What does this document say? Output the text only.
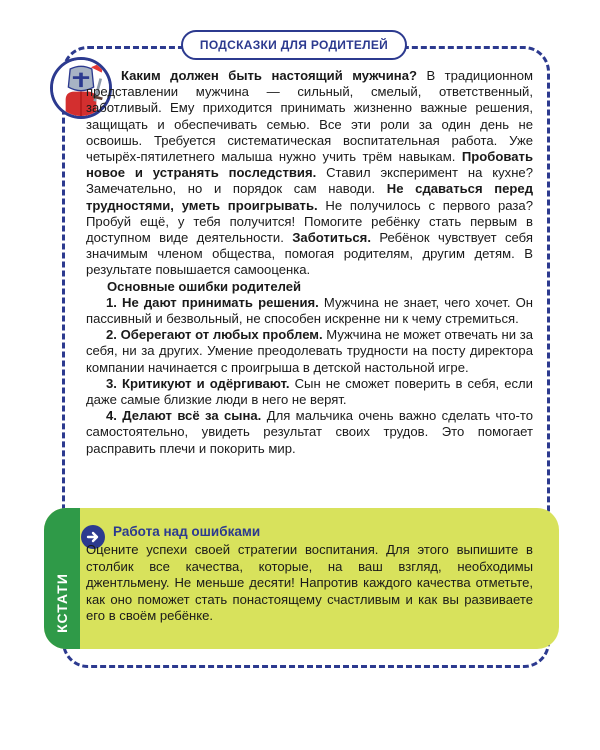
ПОДСКАЗКИ ДЛЯ РОДИТЕЛЕЙ

Каким должен быть настоящий мужчина? В традиционном представлении мужчина — сильный, смелый, ответственный, заботливый. Ему приходится принимать жизненно важные решения, защищать и обеспечивать семью. Все эти роли за один день не освоишь. Требуется систематическая воспитательная работа. Уже четырёх-пятилетнего малыша нужно учить трём навыкам. Пробовать новое и устранять последствия. Ставил эксперимент на кухне? Замечательно, но и порядок сам наводи. Не сдаваться перед трудностями, уметь проигрывать. Не получилось с первого раза? Пробуй ещё, у тебя получится! Помогите ребёнку стать первым в доступном виде деятельности. Заботиться. Ребёнок чувствует себя значимым членом общества, помогая родителям, другим детям. В результате повышается самооценка.

Основные ошибки родителей

1. Не дают принимать решения. Мужчина не знает, чего хочет. Он пассивный и безвольный, не способен искренне ни к чему стремиться.

2. Оберегают от любых проблем. Мужчина не может отвечать ни за себя, ни за других. Умение преодолевать трудности на посту директора компании начинается с проигрыша в детской настольной игре.

3. Критикуют и одёргивают. Сын не сможет поверить в себя, если даже самые близкие люди в него не верят.

4. Делают всё за сына. Для мальчика очень важно сделать что-то самостоятельно, увидеть результат своих трудов. Это помогает расправить плечи и покорить мир.

КСТАТИ
Работа над ошибками

Оцените успехи своей стратегии воспитания. Для этого выпишите в столбик все качества, которые, на ваш взгляд, необходимы джентльмену. Не меньше десяти! Напротив каждого качества отметьте, как оно поможет стать понастоящему счастливым и как вы развиваете его в своём ребёнке.
